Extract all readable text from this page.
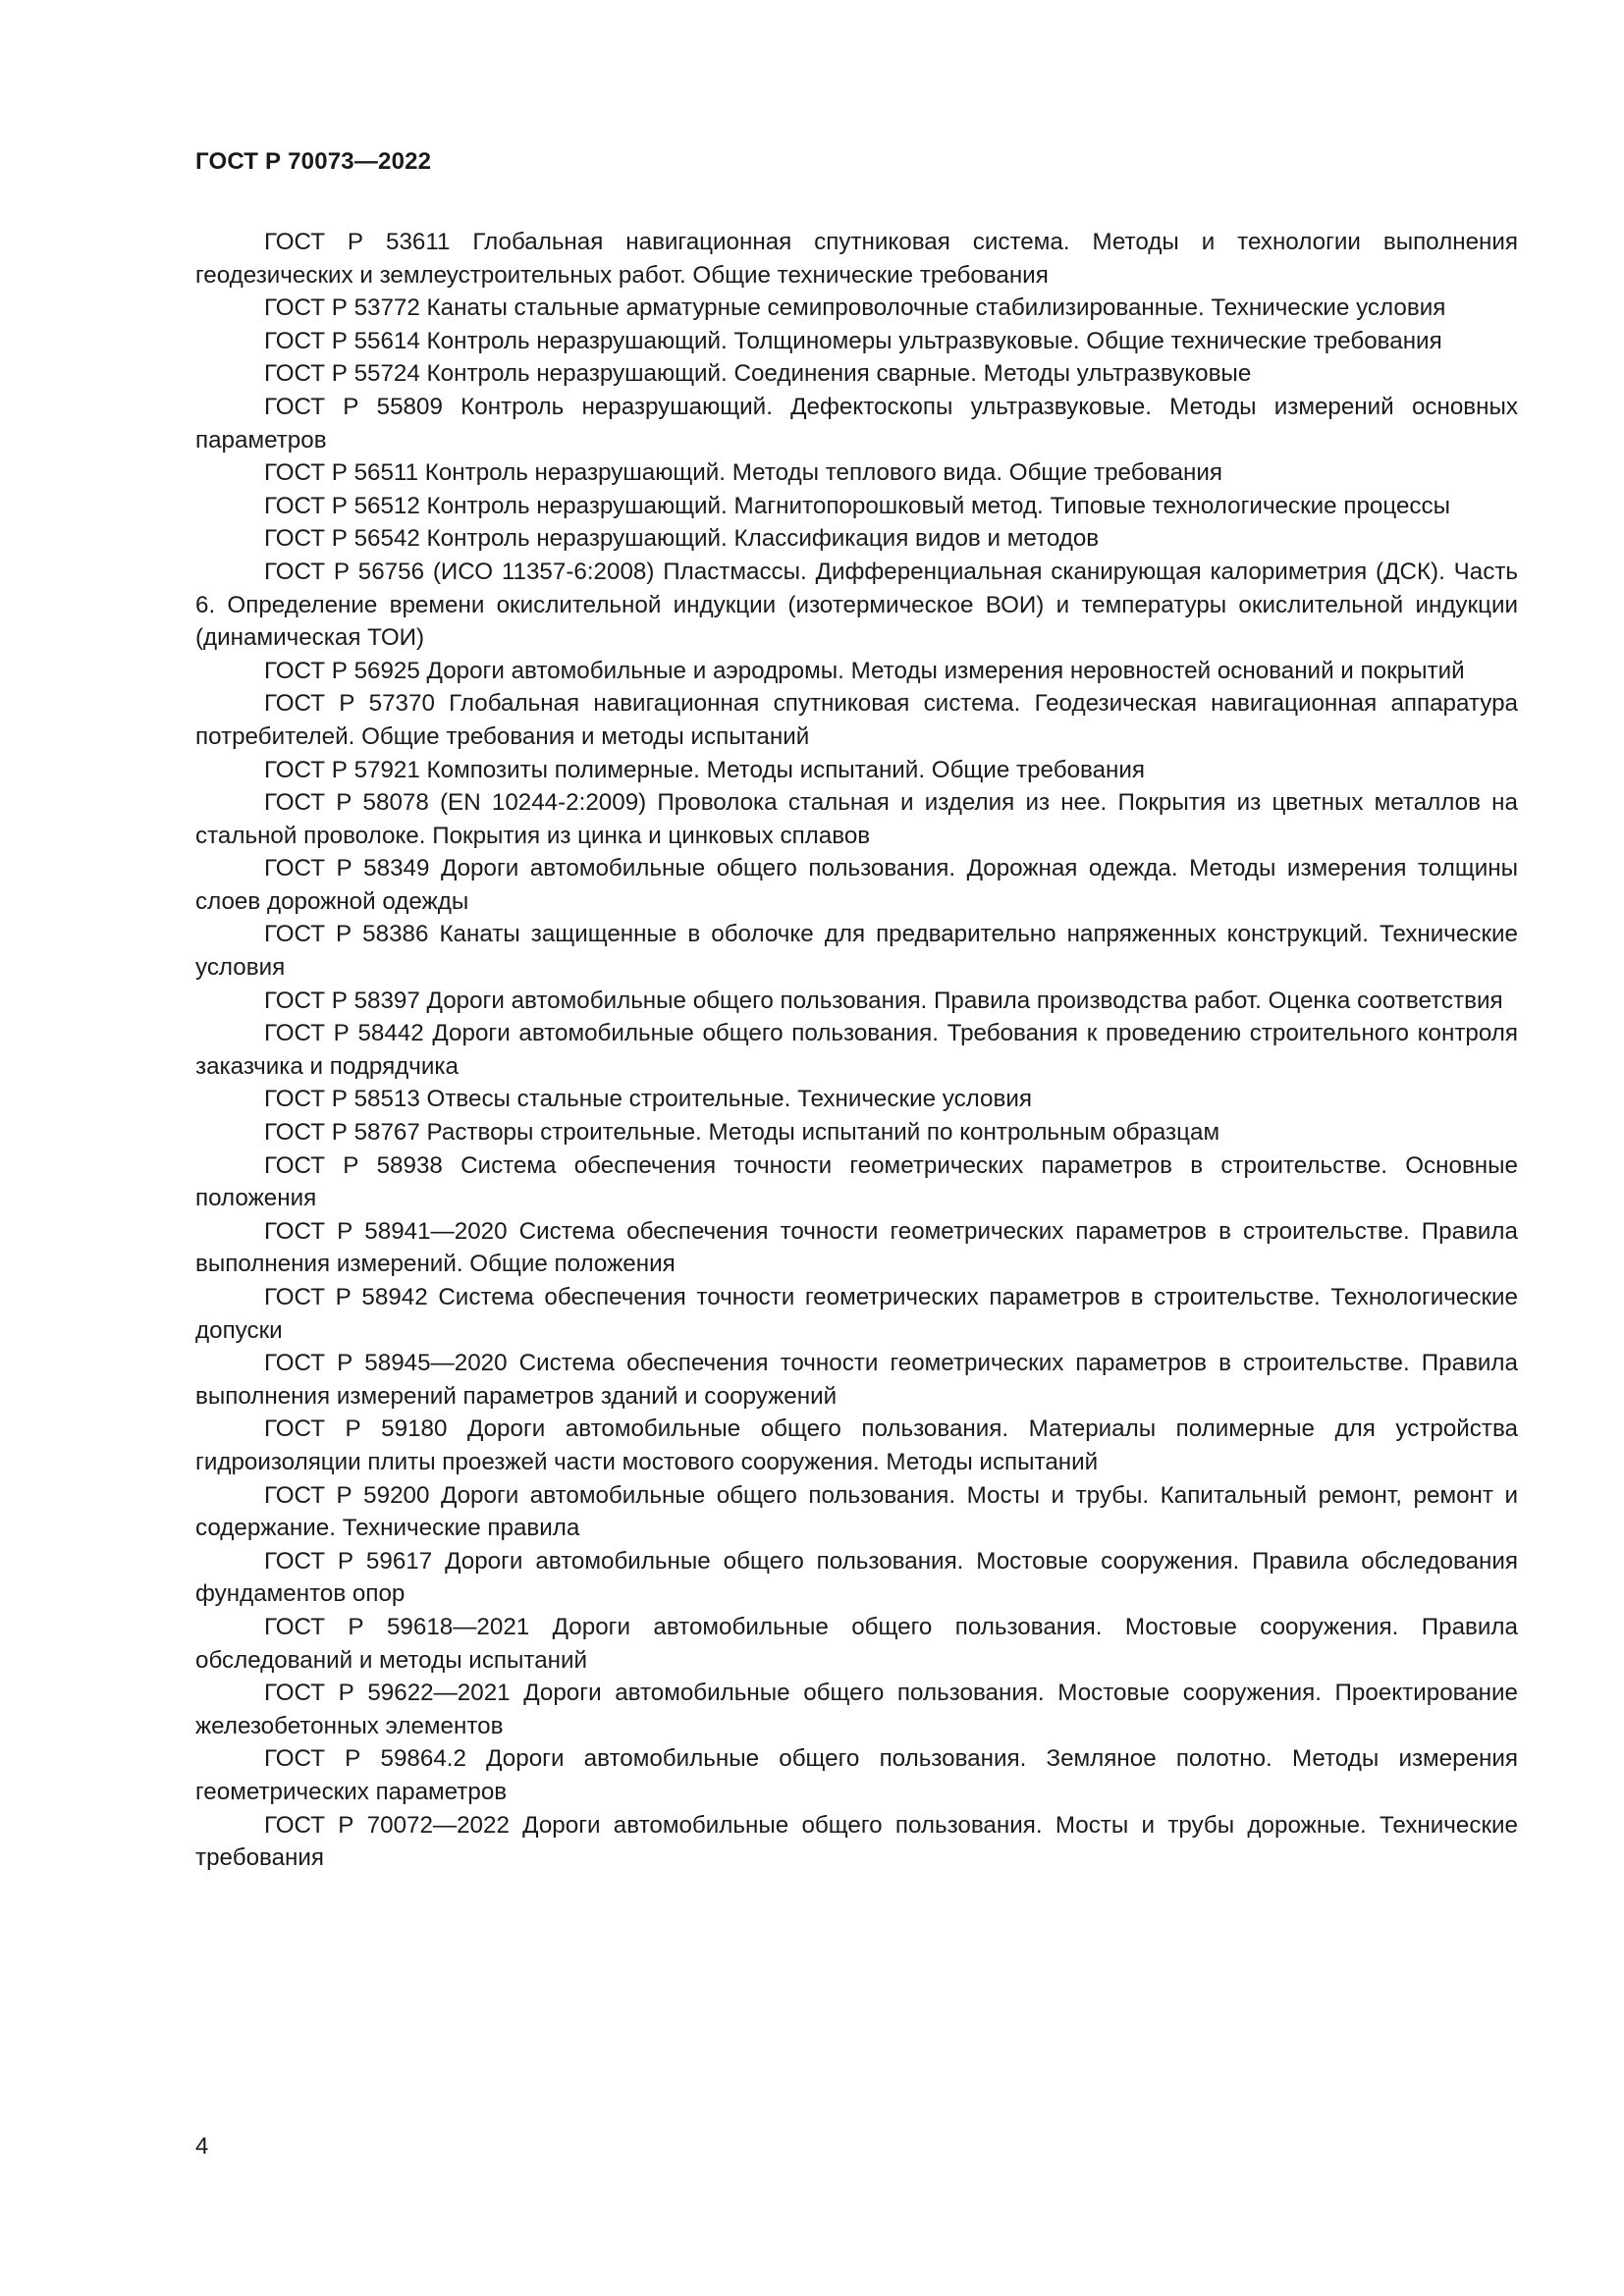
ГОСТ Р 70073—2022

ГОСТ Р 53611 Глобальная навигационная спутниковая система. Методы и технологии выполнения геодезических и землеустроительных работ. Общие технические требования

ГОСТ Р 53772 Канаты стальные арматурные семипроволочные стабилизированные. Технические условия

ГОСТ Р 55614 Контроль неразрушающий. Толщиномеры ультразвуковые. Общие технические требования

ГОСТ Р 55724 Контроль неразрушающий. Соединения сварные. Методы ультразвуковые

ГОСТ Р 55809 Контроль неразрушающий. Дефектоскопы ультразвуковые. Методы измерений основных параметров

ГОСТ Р 56511 Контроль неразрушающий. Методы теплового вида. Общие требования

ГОСТ Р 56512 Контроль неразрушающий. Магнитопорошковый метод. Типовые технологические процессы

ГОСТ Р 56542 Контроль неразрушающий. Классификация видов и методов

ГОСТ Р 56756 (ИСО 11357-6:2008) Пластмассы. Дифференциальная сканирующая калориметрия (ДСК). Часть 6. Определение времени окислительной индукции (изотермическое ВОИ) и температуры окислительной индукции (динамическая ТОИ)

ГОСТ Р 56925 Дороги автомобильные и аэродромы. Методы измерения неровностей оснований и покрытий

ГОСТ Р 57370 Глобальная навигационная спутниковая система. Геодезическая навигационная аппаратура потребителей. Общие требования и методы испытаний

ГОСТ Р 57921 Композиты полимерные. Методы испытаний. Общие требования

ГОСТ Р 58078 (EN 10244-2:2009) Проволока стальная и изделия из нее. Покрытия из цветных металлов на стальной проволоке. Покрытия из цинка и цинковых сплавов

ГОСТ Р 58349 Дороги автомобильные общего пользования. Дорожная одежда. Методы измерения толщины слоев дорожной одежды

ГОСТ Р 58386 Канаты защищенные в оболочке для предварительно напряженных конструкций. Технические условия

ГОСТ Р 58397 Дороги автомобильные общего пользования. Правила производства работ. Оценка соответствия

ГОСТ Р 58442 Дороги автомобильные общего пользования. Требования к проведению строительного контроля заказчика и подрядчика

ГОСТ Р 58513 Отвесы стальные строительные. Технические условия

ГОСТ Р 58767 Растворы строительные. Методы испытаний по контрольным образцам

ГОСТ Р 58938 Система обеспечения точности геометрических параметров в строительстве. Основные положения

ГОСТ Р 58941—2020 Система обеспечения точности геометрических параметров в строительстве. Правила выполнения измерений. Общие положения

ГОСТ Р 58942 Система обеспечения точности геометрических параметров в строительстве. Технологические допуски

ГОСТ Р 58945—2020 Система обеспечения точности геометрических параметров в строительстве. Правила выполнения измерений параметров зданий и сооружений

ГОСТ Р 59180 Дороги автомобильные общего пользования. Материалы полимерные для устройства гидроизоляции плиты проезжей части мостового сооружения. Методы испытаний

ГОСТ Р 59200 Дороги автомобильные общего пользования. Мосты и трубы. Капитальный ремонт, ремонт и содержание. Технические правила

ГОСТ Р 59617 Дороги автомобильные общего пользования. Мостовые сооружения. Правила обследования фундаментов опор

ГОСТ Р 59618—2021 Дороги автомобильные общего пользования. Мостовые сооружения. Правила обследований и методы испытаний

ГОСТ Р 59622—2021 Дороги автомобильные общего пользования. Мостовые сооружения. Проектирование железобетонных элементов

ГОСТ Р 59864.2 Дороги автомобильные общего пользования. Земляное полотно. Методы измерения геометрических параметров

ГОСТ Р 70072—2022 Дороги автомобильные общего пользования. Мосты и трубы дорожные. Технические требования

4
